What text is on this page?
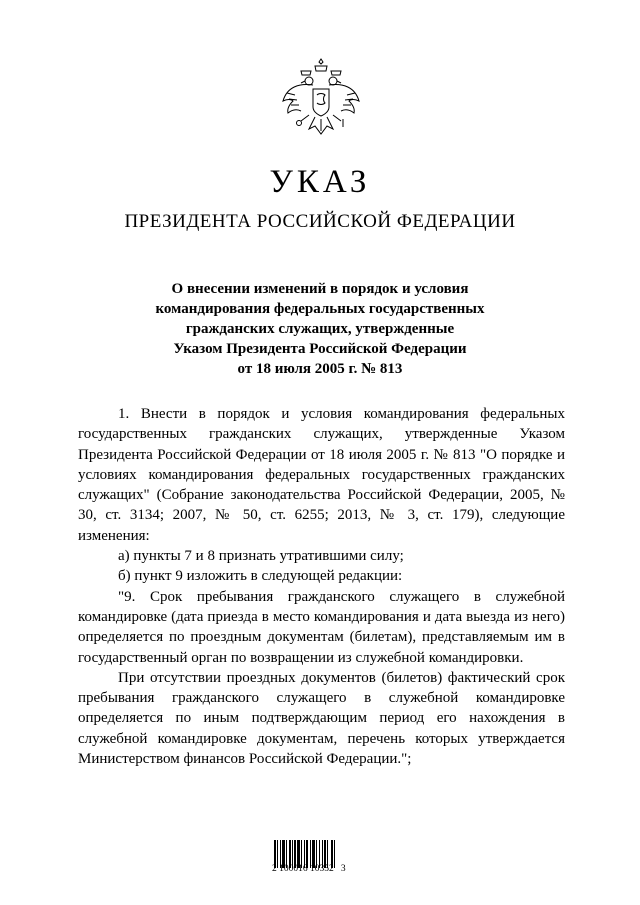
УКАЗ
ПРЕЗИДЕНТА РОССИЙСКОЙ ФЕДЕРАЦИИ
О внесении изменений в порядок и условия
командирования федеральных государственных
гражданских служащих, утвержденные
Указом Президента Российской Федерации
от 18 июля 2005 г. № 813

1. Внести в порядок и условия командирования федеральных государственных гражданских служащих, утвержденные Указом Президента Российской Федерации от 18 июля 2005 г. № 813 "О порядке и условиях командирования федеральных государственных гражданских служащих" (Собрание законодательства Российской Федерации, 2005, № 30, ст. 3134; 2007, № 50, ст. 6255; 2013, № 3, ст. 179), следующие изменения:

а) пункты 7 и 8 признать утратившими силу;

б) пункт 9 изложить в следующей редакции:

"9. Срок пребывания гражданского служащего в служебной командировке (дата приезда в место командирования и дата выезда из него) определяется по проездным документам (билетам), представляемым им в государственный орган по возвращении из служебной командировки.

При отсутствии проездных документов (билетов) фактический срок пребывания гражданского служащего в служебной командировке определяется по иным подтверждающим период его нахождения в служебной командировке документам, перечень которых утверждается Министерством финансов Российской Федерации.";

2 100016 10352   3
